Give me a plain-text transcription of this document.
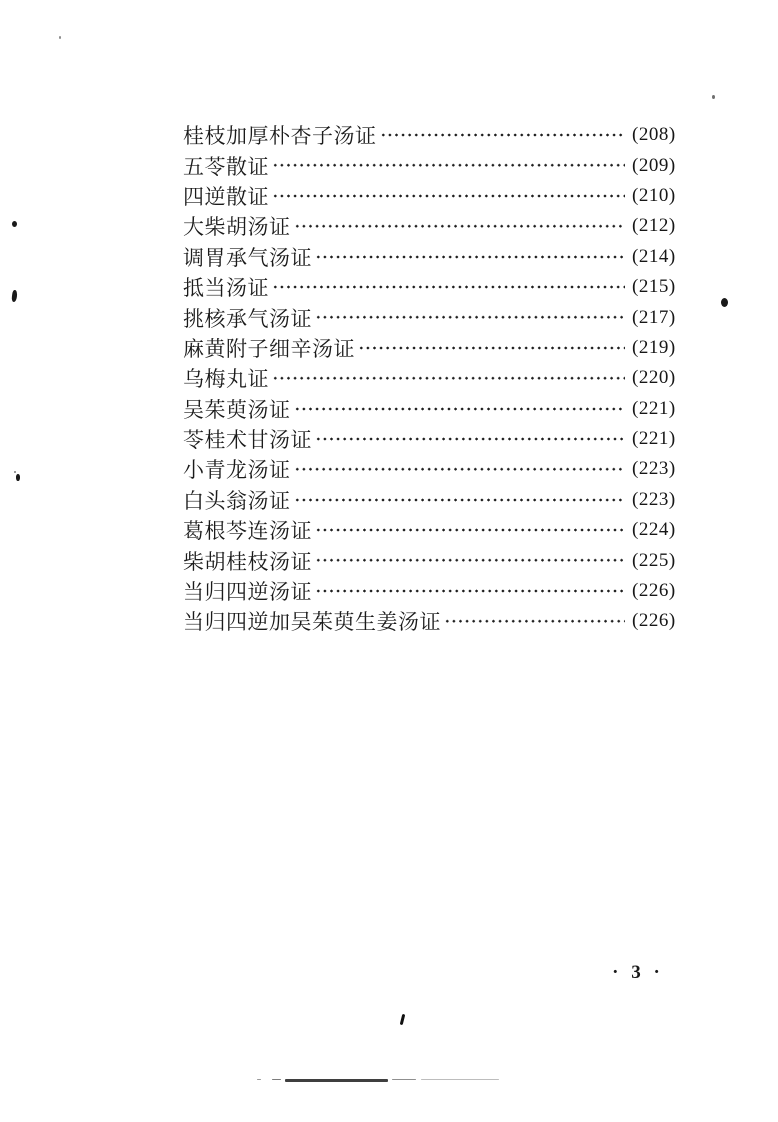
桂枝加厚朴杏子汤证	(208)
五苓散证	(209)
四逆散证	(210)
大柴胡汤证	(212)
调胃承气汤证	(214)
抵当汤证	(215)
挑核承气汤证	(217)
麻黄附子细辛汤证	(219)
乌梅丸证	(220)
吴茱萸汤证	(221)
苓桂术甘汤证	(221)
小青龙汤证	(223)
白头翁汤证	(223)
葛根芩连汤证	(224)
柴胡桂枝汤证	(225)
当归四逆汤证	(226)
当归四逆加吴茱萸生姜汤证	(226)
· 3 ·
